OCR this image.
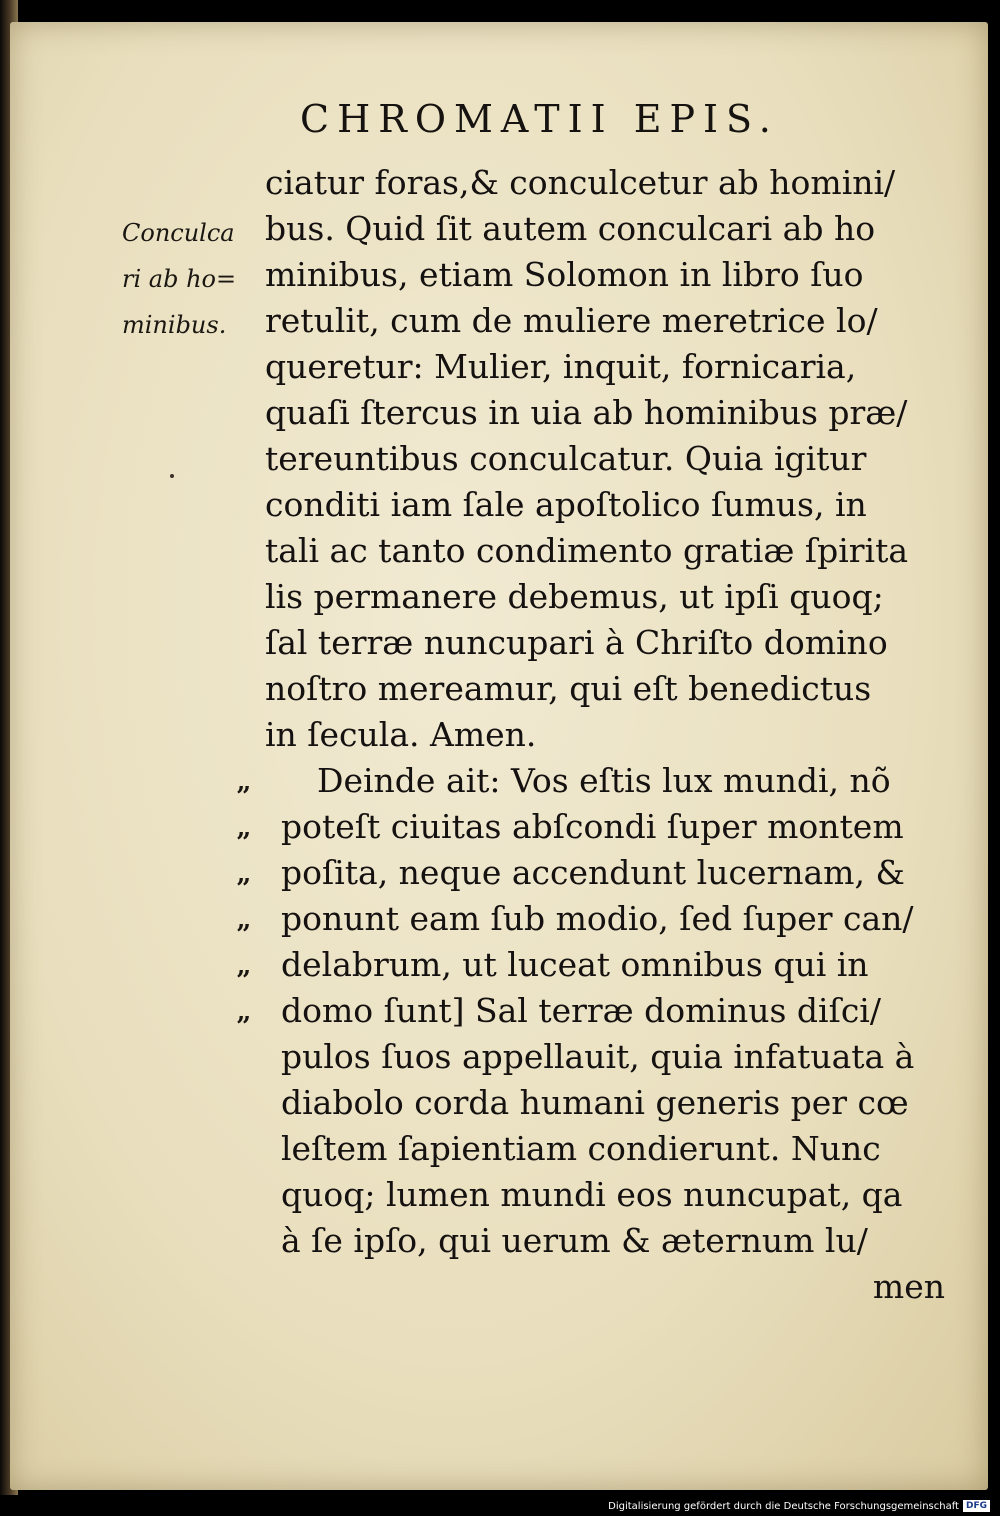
CHROMATII EPIS.
Conculca
ri ab ho=
minibus.
”
”
”
”
”
”
ciatur foras,& conculcetur ab homini/
bus. Quid ſit autem conculcari ab ho
minibus, etiam Solomon in libro ſuo
retulit, cum de muliere meretrice lo/
queretur: Mulier, inquit, fornicaria,
quaſi ſtercus in uia ab hominibus præ/
tereuntibus conculcatur. Quia igitur
conditi iam ſale apoſtolico ſumus, in
tali ac tanto condimento gratiæ ſpirita
lis permanere debemus, ut ipſi quoq;
ſal terræ nuncupari à Chriſto domino
noſtro mereamur, qui eſt benedictus
in ſecula. Amen.
Deinde ait: Vos eſtis lux mundi, nõ
poteſt ciuitas abſcondi ſuper montem
poſita, neque accendunt lucernam, &
ponunt eam ſub modio, ſed ſuper can/
delabrum, ut luceat omnibus qui in
domo ſunt] Sal terræ dominus diſci/
pulos ſuos appellauit, quia infatuata à
diabolo corda humani generis per cœ
leſtem ſapientiam condierunt. Nunc
quoq; lumen mundi eos nuncupat, qa
à ſe ipſo, qui uerum & æternum lu/
men
Digitalisierung gefördert durch die Deutsche Forschungsgemeinschaft DFG
